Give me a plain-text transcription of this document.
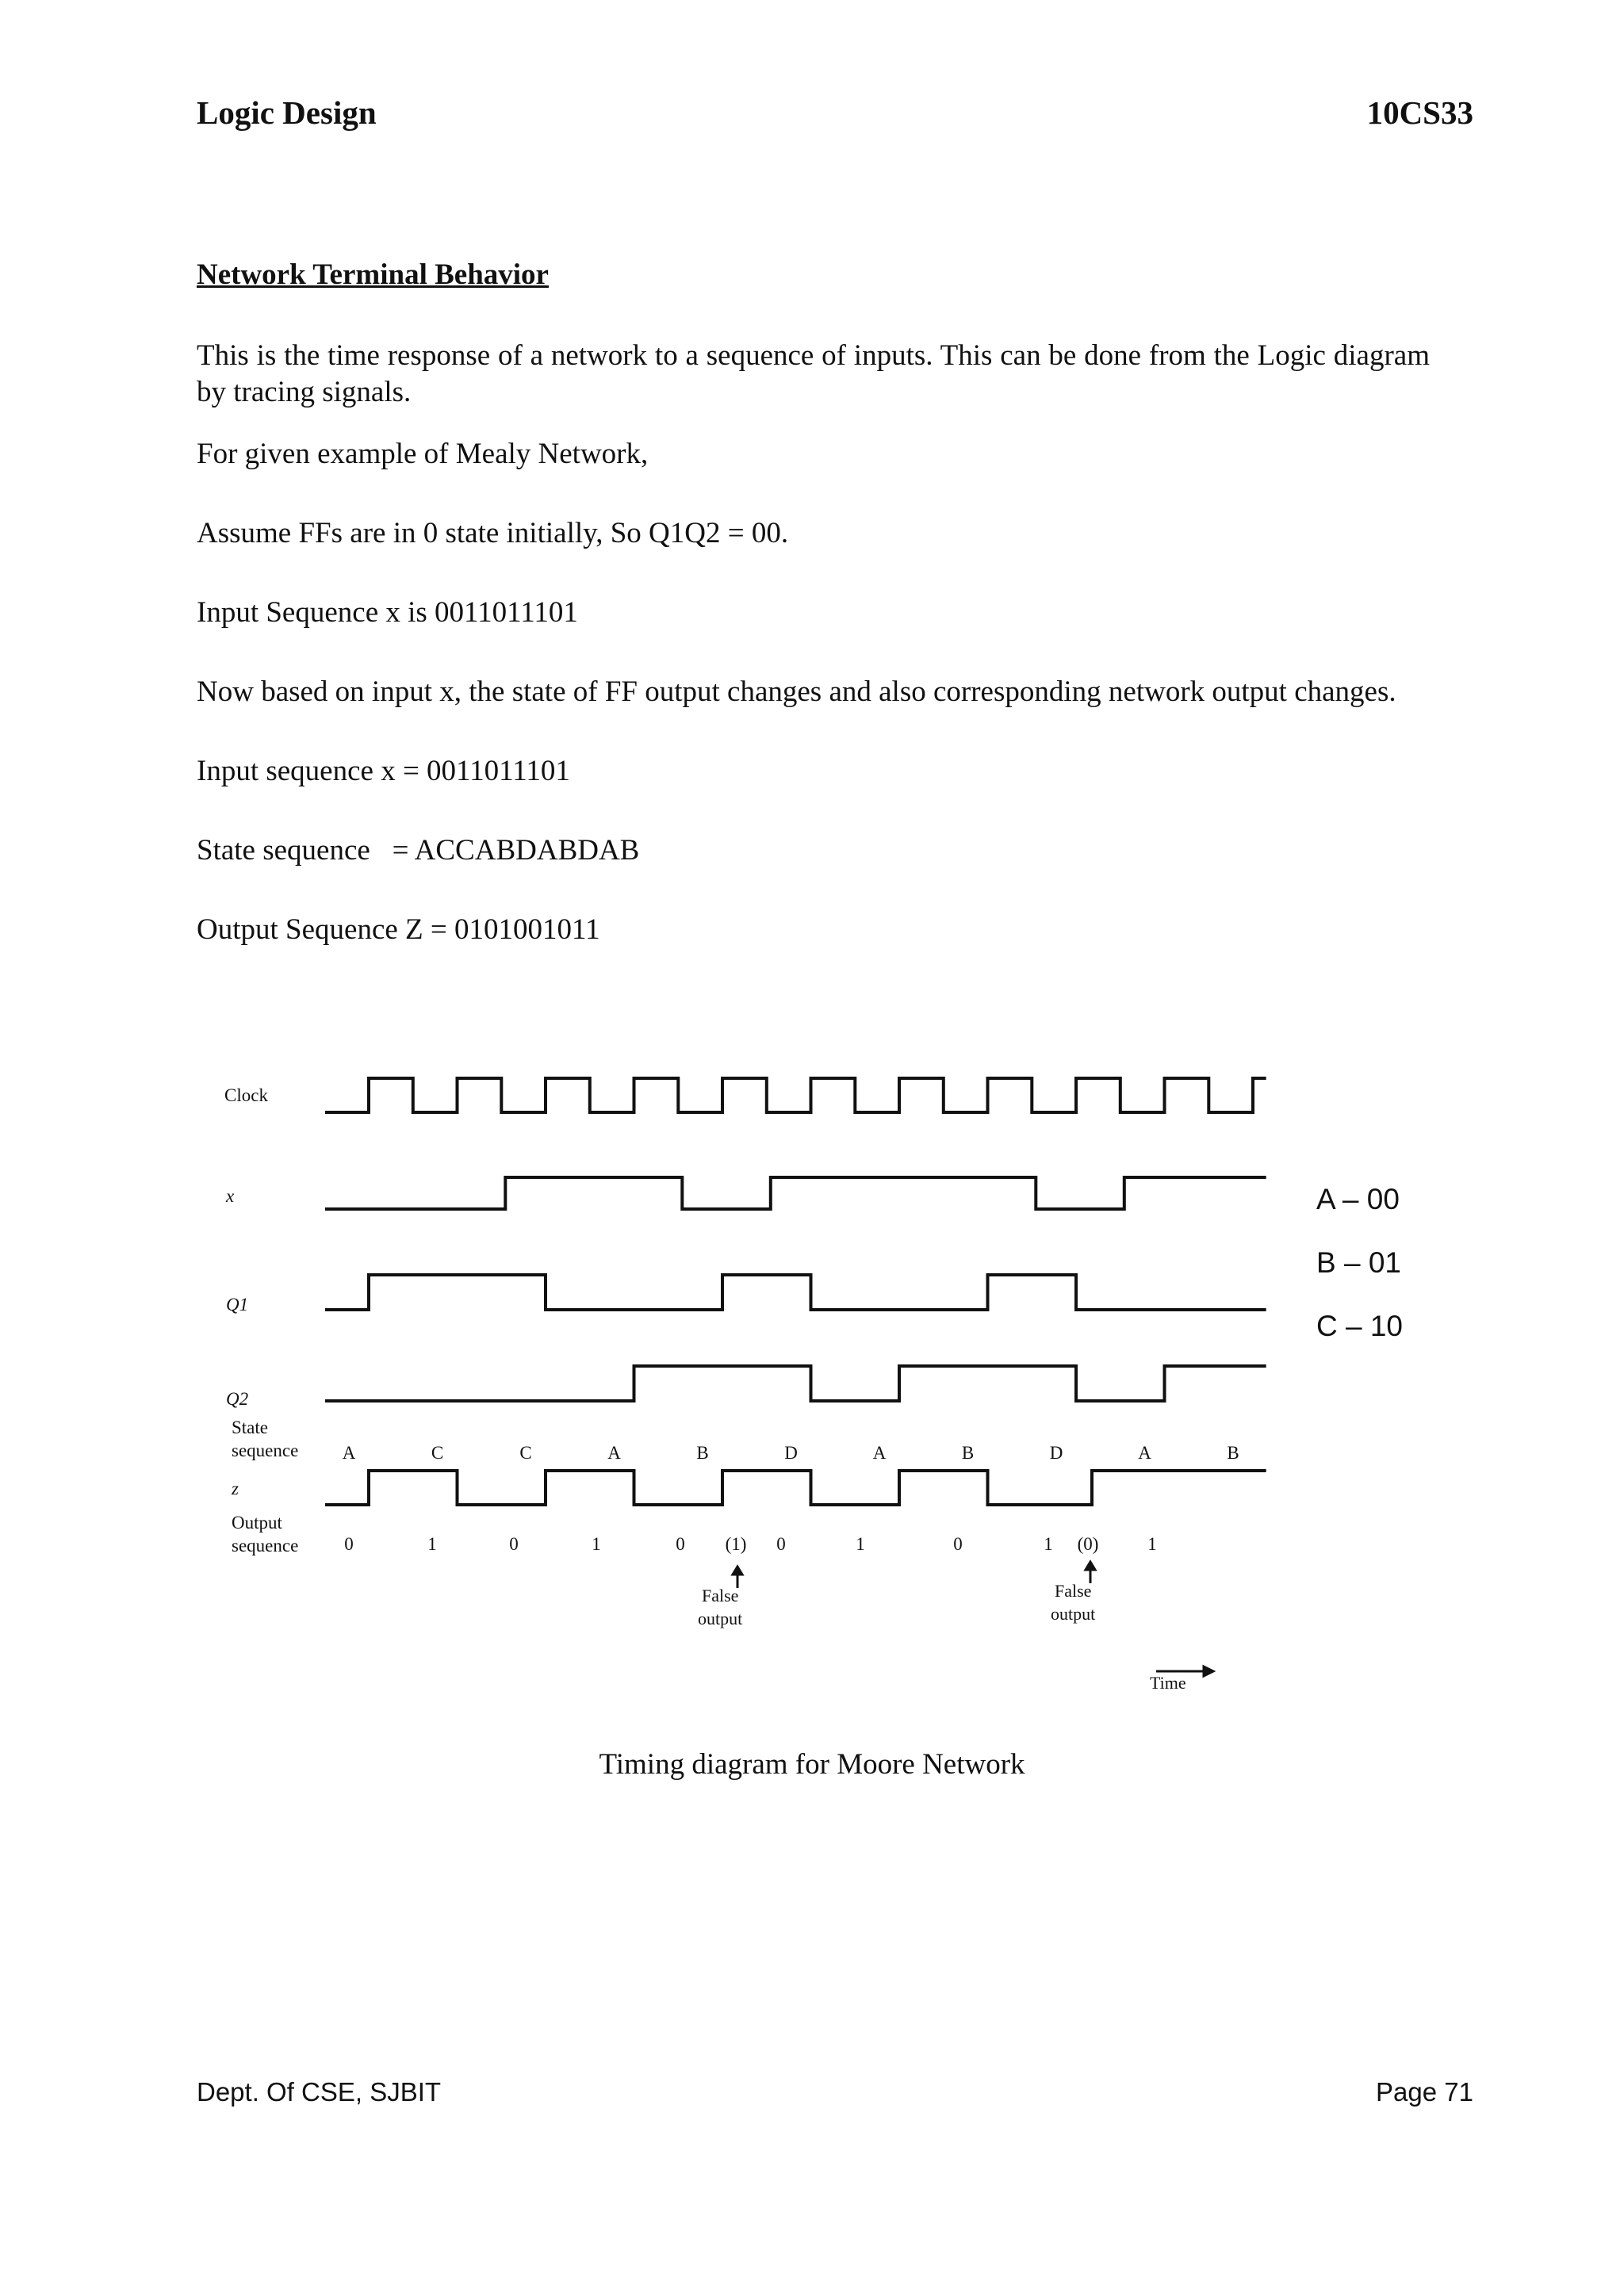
Logic Design	10CS33
Network Terminal Behavior
This is the time response of a network to a sequence of inputs. This can be done from the Logic diagram by tracing signals.
For given example of Mealy Network,
Assume FFs are in 0 state initially, So Q1Q2 = 00.
Input Sequence x is 0011011101
Now based on input x, the state of FF output changes and also corresponding network output changes.
Input sequence x = 0011011101
State sequence   = ACCABDABDAB
Output Sequence Z = 0101001011
Clock
x
Q1
Q2
State
sequence
z
Output
sequence
False
output
False
output
Time
A	C	C	A	B	D	A	B	D	A	B
0	1	0	1	0 (1) 0	1	0	1 (0)	1
A – 00
B – 01
C – 10
Timing diagram for Moore Network
Dept. Of CSE, SJBIT	Page 71
